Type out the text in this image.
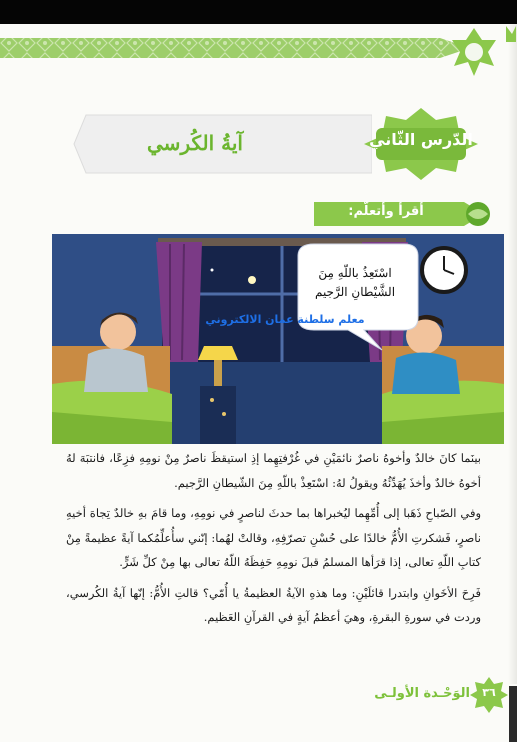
آيةُ الكُرسي	الدّرس الثّاني
أقرأ وأتعلّم:
اسْتَعِذُ باللّهِ مِنَ الشَّيْطانِ الرَّجيم
معلم سلطنة عمان الالكتروني

بينَما كانَ خالدٌ وأخوهُ ناصرٌ نائمَيْنِ في غُرْفتِهِما إذِ استيقظَ ناصرٌ مِنْ نومِهِ فزِعًا، فانتبَهَ لهُ أخوهُ خالدٌ وأخذَ يُهَدِّئُهُ ويقولُ لهُ: اسْتَعِذْ باللّهِ مِنَ الشّيطانِ الرَّجيم.

وفي الصّباحِ ذَهَبا إلى أُمِّهِما ليُخبراها بما حدثَ لناصرٍ في نومِهِ، وما قامَ بهِ خالدٌ تِجاهَ أخيهِ ناصرٍ، فَشكرتِ الأُمُّ خالدًا على حُسْنِ تصرّفِهِ، وقالتْ لهُما: إنّني سأُعلِّمُكما آيةً عظيمةً مِنْ كتابِ اللّهِ تعالى، إذا قرَأها المسلمُ قبلَ نومِهِ حَفِظَهُ اللّهُ تعالى بها مِنْ كلِّ شَرٍّ.

فَرِحَ الأخَوانِ وابتدرا قائلَيْنِ: وما هذهِ الآيةُ العظيمةُ يا أُمّي؟ قالتِ الأُمُّ: إنّها آيةُ الكُرسي، وردت في سورةِ البقرةِ، وهيَ أعظمُ آيةٍ في القرآنِ العَظيم.

الوَحْـدة الأولـى	٣٦
